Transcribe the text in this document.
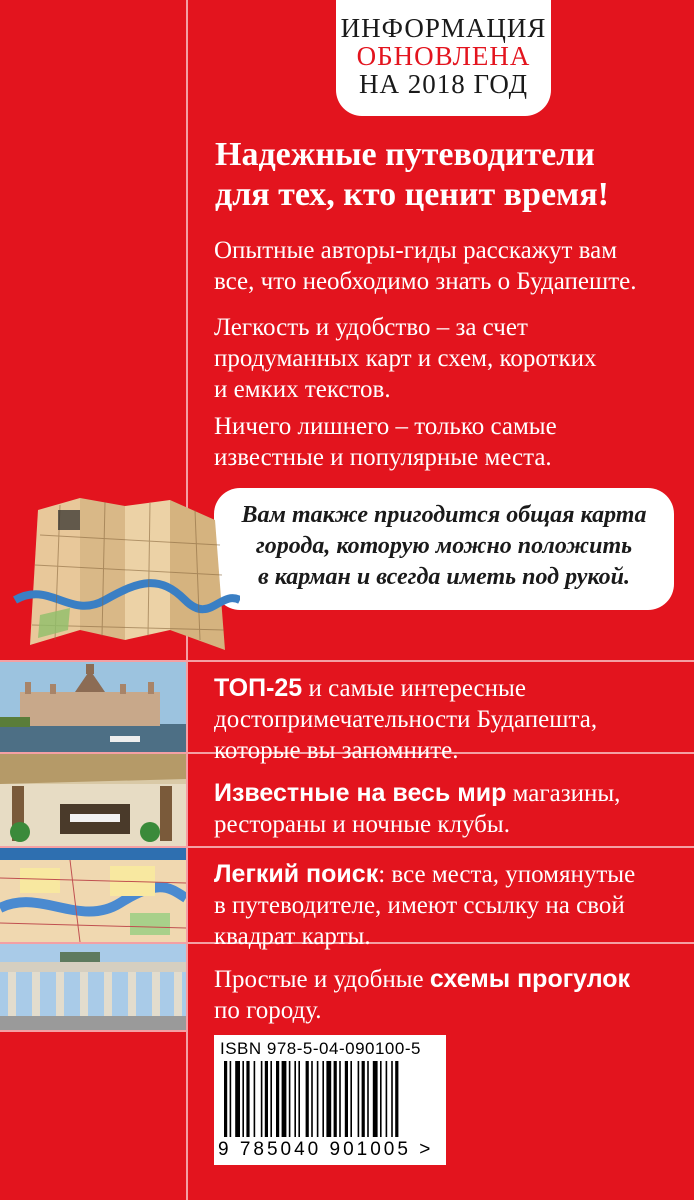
ИНФОРМАЦИЯ
ОБНОВЛЕНА
НА 2018 ГОД
Надежные путеводители
для тех, кто ценит время!
Опытные авторы-гиды расскажут вам
все, что необходимо знать о Будапеште.
Легкость и удобство – за счет
продуманных карт и схем, коротких
и емких текстов.
Ничего лишнего – только самые
известные и популярные места.
Вам также пригодится общая карта
города, которую можно положить
в карман и всегда иметь под рукой.
ТОП-25 и самые интересные
достопримечательности Будапешта,
которые вы запомните.
Известные на весь мир магазины,
рестораны и ночные клубы.
Легкий поиск: все места, упомянутые
в путеводителе, имеют ссылку на свой
квадрат карты.
Простые и удобные схемы прогулок
по городу.
ISBN 978-5-04-090100-5
9 785040 901005 >
